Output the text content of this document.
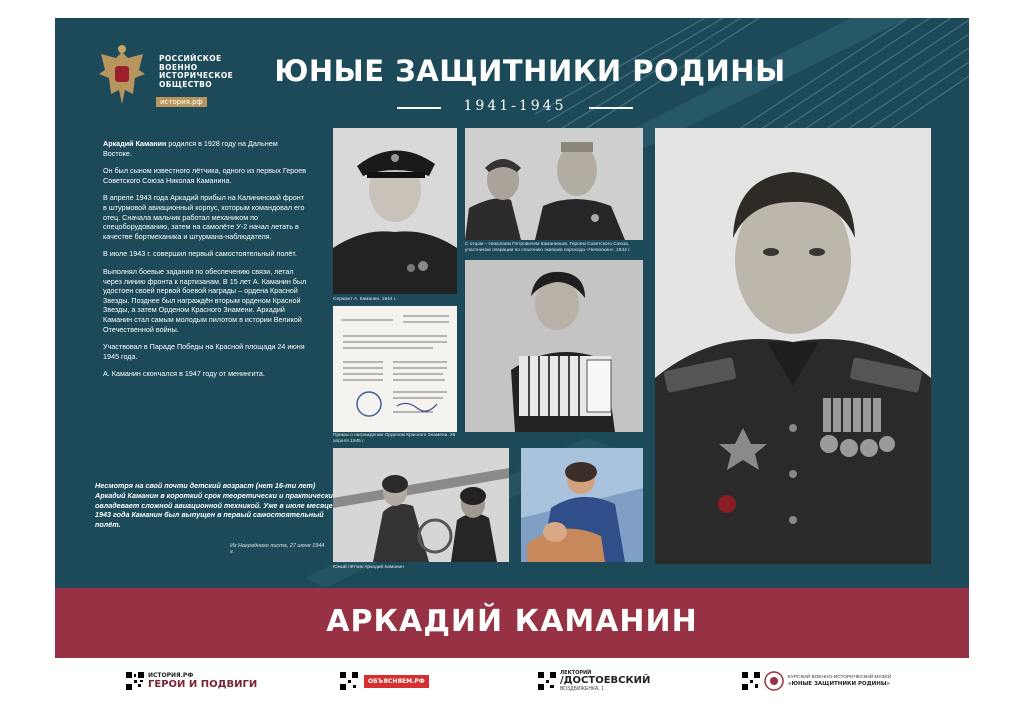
РОССИЙСКОЕ
ВОЕННО
ИСТОРИЧЕСКОЕ
ОБЩЕСТВО
история.рф
ЮНЫЕ ЗАЩИТНИКИ РОДИНЫ
1941-1945

Аркадий Каманин родился в 1928 году на Дальнем Востоке.

Он был сыном известного лётчика, одного из первых Героев Советского Союза Николая Каманина.

В апреле 1943 года Аркадий прибыл на Калининский фронт в штурмовой авиационный корпус, которым командовал его отец. Сначала мальчик работал механиком по спецоборудованию, затем на самолёте У-2 начал летать в качестве бортмеханика и штурмана-наблюдателя.

В июле 1943 г. совершил первый самостоятельный полёт.

Выполнял боевые задания по обеспечению связи, летал через линию фронта к партизанам. В 15 лет А. Каманин был удостоен своей первой боевой награды – ордена Красной Звезды. Позднее был награждён вторым орденом Красной Звезды, а затем Орденом Красного Знамени. Аркадий Каманин стал самым молодым пилотом в истории Великой Отечественной войны.

Участвовал в Параде Победы на Красной площади 24 июня 1945 года.

А. Каманин скончался в 1947 году от менингита.

Несмотря на свой почти детский возраст (нет 16-ти лет) Аркадий Каманин в короткий срок теоретически и практически овладевает сложной авиационной техникой. Уже в июле месяце 1943 года Каманин был выпущен в первый самостоятельный полёт.
Из Наградного листа, 27 июня 1944 г.
Сержант А. Каманин. 1944 г.
С отцом – Николаем Петровичем Каманиным, Героем Советского Союза, участником операции по спасению экипажа парохода «Челюскин». 1944 г.
Приказ о награждении Орденом Красного Знамени. 26 апреля 1945 г.
Юный лётчик Аркадий Каманин
АРКАДИЙ КАМАНИН
ИСТОРИЯ.РФ
ГЕРОИ И ПОДВИГИ	ОБЪЯСНЯЕМ.РФ
ЛЕКТОРИЙ
/ДОСТОЕВСКИЙ
ВОЗДВИЖЕНКА, 1
КУРСКИЙ ВОЕННО-ИСТОРИЧЕСКИЙ МУЗЕЙ
«ЮНЫЕ ЗАЩИТНИКИ РОДИНЫ»
